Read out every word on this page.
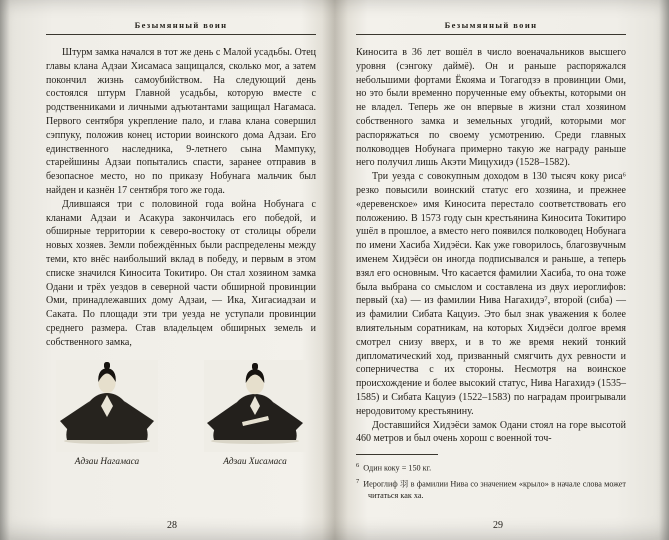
Безымянный воин

Штурм замка начался в тот же день с Малой усадьбы. Отец главы клана Адзаи Хисамаса защищался, сколько мог, а затем покончил жизнь самоубийством. На следующий день состоялся штурм Главной усадьбы, которую вместе с родственниками и личными адъютантами защищал Нагамаса. Первого сентября укрепление пало, и глава клана совершил сэппуку, положив конец истории воинского дома Адзаи. Его единственного наследника, 9-летнего сына Мампуку, старейшины Адзаи попытались спасти, заранее отправив в безопасное место, но по приказу Нобунага мальчик был найден и казнён 17 сентября того же года.

Длившаяся три с половиной года война Нобунага с кланами Адзаи и Асакура закончилась его победой, и обширные территории к северо-востоку от столицы обрели новых хозяев. Земли побеждённых были распределены между теми, кто внёс наибольший вклад в победу, и первым в этом списке значился Киносита Токитиро. Он стал хозяином замка Одани и трёх уездов в северной части обширной провинции Оми, принадлежавших дому Адзаи, — Ика, Хигасиадзаи и Саката. По площади эти три уезда не уступали провинции среднего размера. Став владельцем обширных земель и собственного замка,

Адзаи Нагамаса	Адзаи Хисамаса
28
Безымянный воин

Киносита в 36 лет вошёл в число военачальников высшего уровня (сэнгоку даймё). Он и раньше распоряжался небольшими фортами Ёкояма и Тогагодзэ в провинции Оми, но это были временно порученные ему объекты, которыми он не владел. Теперь же он впервые в жизни стал хозяином собственного замка и земельных угодий, которыми мог распоряжаться по своему усмотрению. Среди главных полководцев Нобунага примерно такую же награду раньше него получил лишь Акэти Мицухидэ (1528–1582).

Три уезда с совокупным доходом в 130 тысяч коку риса⁶ резко повысили воинский статус его хозяина, и прежнее «деревенское» имя Киносита перестало соответствовать его положению. В 1573 году сын крестьянина Киносита Токитиро ушёл в прошлое, а вместо него появился полководец Нобунага по имени Хасиба Хидэёси. Как уже говорилось, благозвучным именем Хидэёси он иногда подписывался и раньше, а теперь взял его основным. Что касается фамилии Хасиба, то она тоже была выбрана со смыслом и составлена из двух иероглифов: первый (ха) — из фамилии Нива Нагахидэ⁷, второй (сиба) — из фамилии Сибата Кацуиэ. Это был знак уважения к более влиятельным соратникам, на которых Хидэёси долгое время смотрел снизу вверх, и в то же время некий тонкий дипломатический ход, призванный смягчить дух ревности и соперничества с их стороны. Несмотря на воинское происхождение и более высокий статус, Нива Нагахидэ (1535–1585) и Сибата Кацуиэ (1522–1583) по наградам проигрывали неродовитому крестьянину.

Доставшийся Хидэёси замок Одани стоял на горе высотой 460 метров и был очень хорош с военной точ-

$^6$ Один коку = 150 кг.

$^7$ Иероглиф 羽 в фамилии Нива со значением «крыло» в начале слова может читаться как ха.

29
